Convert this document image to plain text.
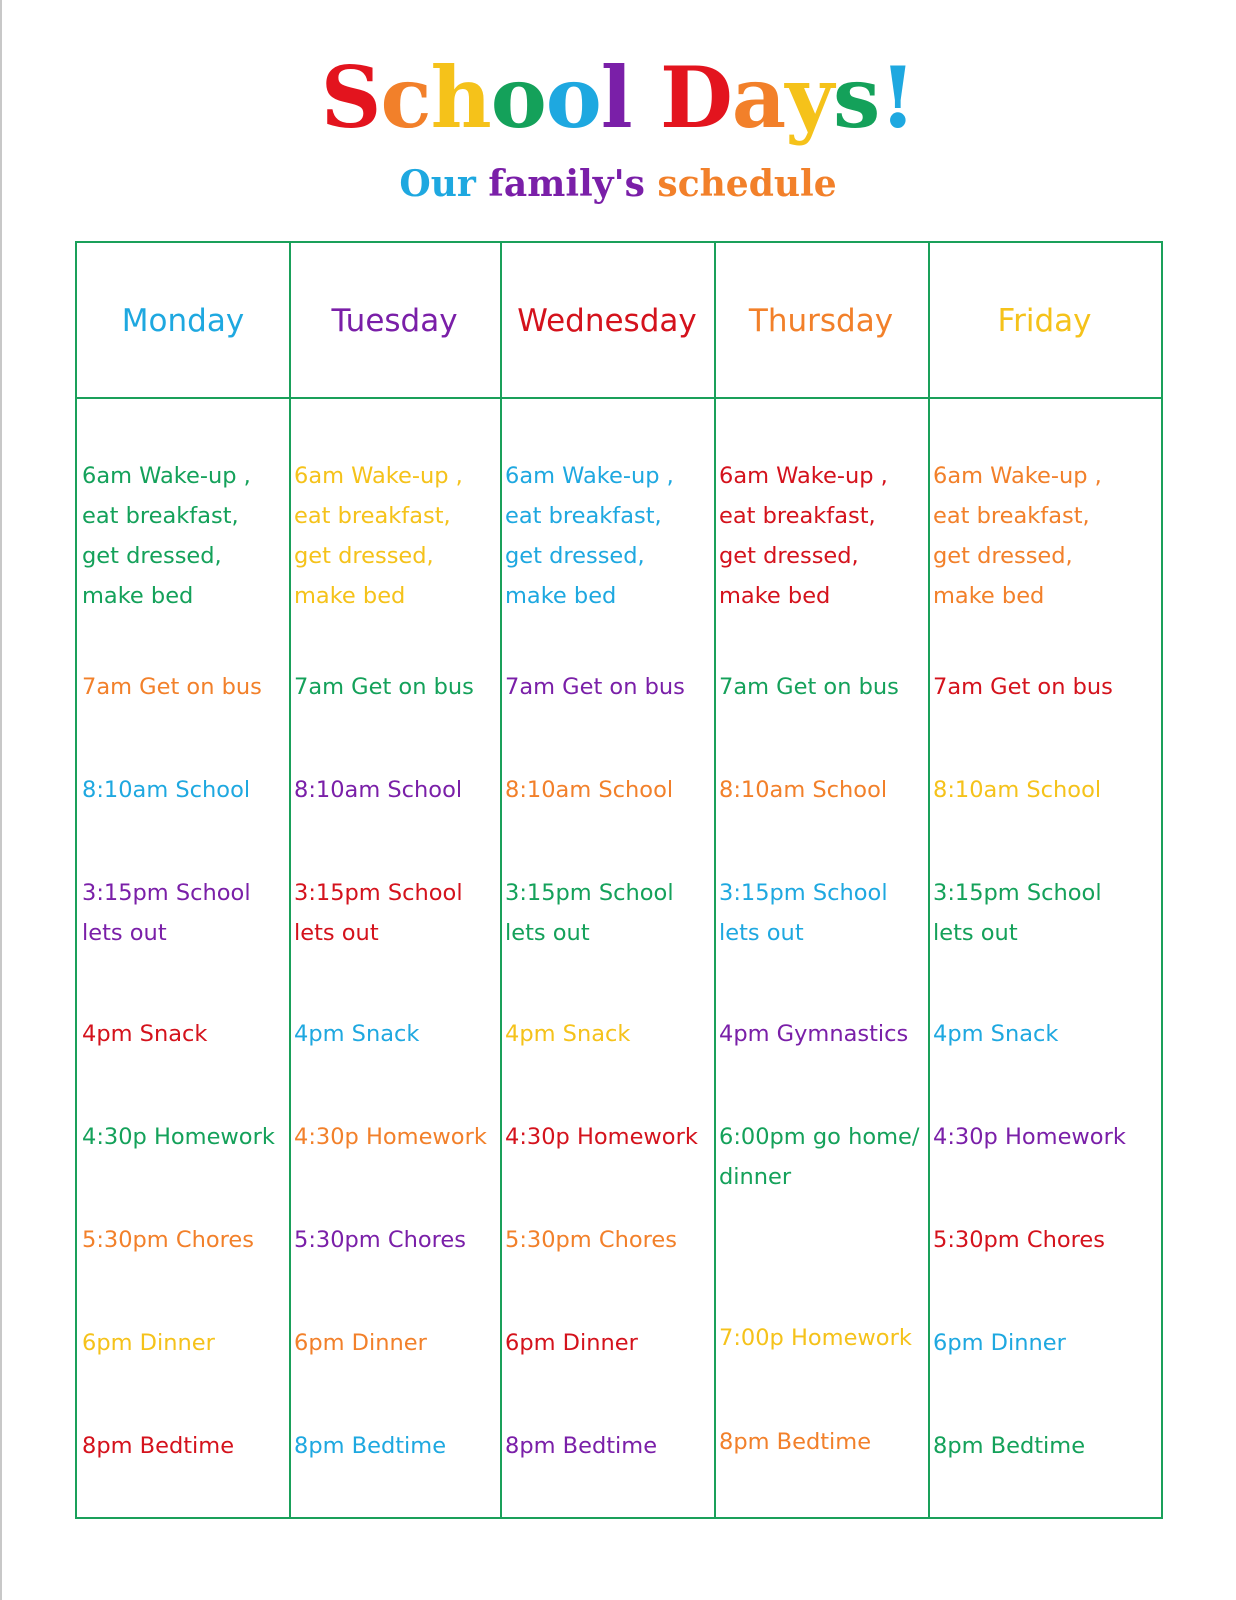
School Days!
Our family's schedule
Monday
6am Wake-up ,
eat breakfast,
get dressed,
make bed
7am Get on bus
8:10am School
3:15pm School
lets out
4pm Snack
4:30p Homework
5:30pm Chores
6pm Dinner
8pm Bedtime
Tuesday
6am Wake-up ,
eat breakfast,
get dressed,
make bed
7am Get on bus
8:10am School
3:15pm School
lets out
4pm Snack
4:30p Homework
5:30pm Chores
6pm Dinner
8pm Bedtime
Wednesday
6am Wake-up ,
eat breakfast,
get dressed,
make bed
7am Get on bus
8:10am School
3:15pm School
lets out
4pm Snack
4:30p Homework
5:30pm Chores
6pm Dinner
8pm Bedtime
Thursday
6am Wake-up ,
eat breakfast,
get dressed,
make bed
7am Get on bus
8:10am School
3:15pm School
lets out
4pm Gymnastics
6:00pm go home/
dinner
7:00p Homework
8pm Bedtime
Friday
6am Wake-up ,
eat breakfast,
get dressed,
make bed
7am Get on bus
8:10am School
3:15pm School
lets out
4pm Snack
4:30p Homework
5:30pm Chores
6pm Dinner
8pm Bedtime
